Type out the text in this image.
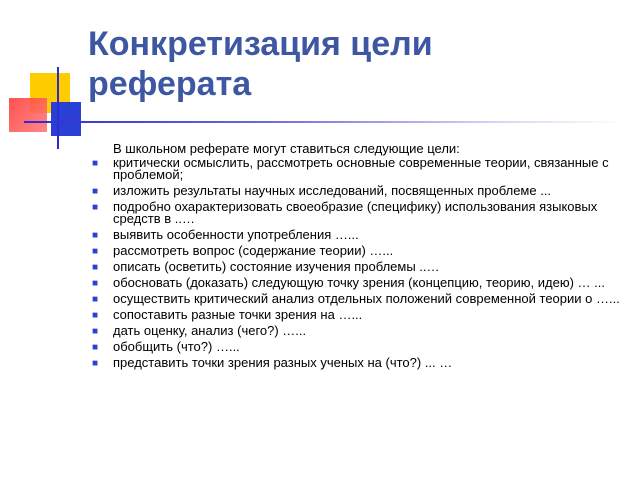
Конкретизация цели
реферата

В школьном реферате могут ставиться следующие цели:

■ критически осмыслить, рассмотреть основные современные теории, связанные с проблемой;
■ изложить результаты научных исследований, посвященных проблеме ...
■ подробно охарактеризовать своеобразие (специфику) использования языковых средств в ..…
■ выявить особенности употребления …...
■ рассмотреть вопрос (содержание теории) …...
■ описать (осветить) состояние изучения проблемы ..…
■ обосновать (доказать) следующую точку зрения (концепцию, теорию, идею) … ...
■ осуществить критический анализ отдельных положений современной теории о …...
■ сопоставить разные точки зрения на …...
■ дать оценку, анализ (чего?) …...
■ обобщить (что?) …...
■ представить точки зрения разных ученых на (что?) ... …
